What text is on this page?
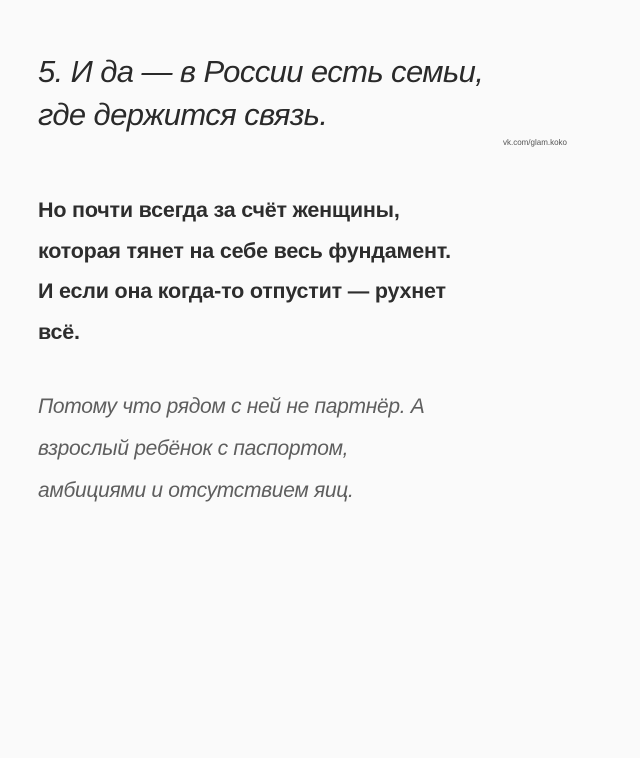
5. И да — в России есть семьи,
где держится связь.
vk.com/glam.koko

Но почти всегда за счёт женщины,
которая тянет на себе весь фундамент.
И если она когда-то отпустит — рухнет
всё.

Потому что рядом с ней не партнёр. А
взрослый ребёнок с паспортом,
амбициями и отсутствием яиц.
